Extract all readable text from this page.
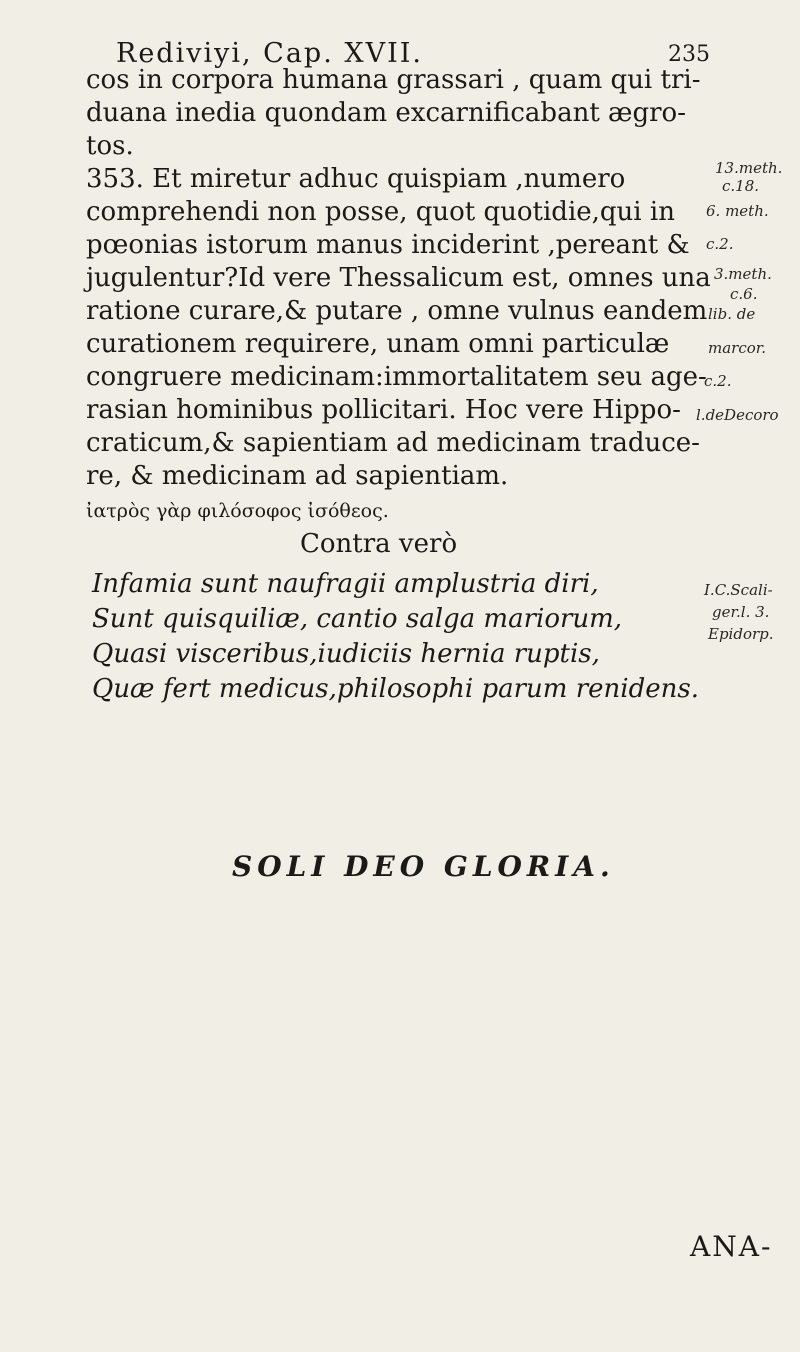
Rediviyi, Cap. XVII.	235
cos in corpora humana grassari , quam qui tri-
duana inedia quondam excarnificabant ægro-
tos.
353. Et miretur adhuc quispiam ,numero
comprehendi non posse, quot quotidie,qui in
pœonias istorum manus inciderint ,pereant &
jugulentur?Id vere Thessalicum est, omnes una
ratione curare,& putare , omne vulnus eandem
curationem requirere, unam omni particulæ
congruere medicinam:immortalitatem seu age-
rasian hominibus pollicitari. Hoc vere Hippo-
craticum,& sapientiam ad medicinam traduce-
re, & medicinam ad sapientiam.
ἰατρὸς γὰρ φιλόσοφος ἰσόθεος.
Contra verò
Infamia sunt naufragii amplustria diri,
Sunt quisquiliæ, cantio salga mariorum,
Quasi visceribus,iudiciis hernia ruptis,
Quæ fert medicus,philosophi parum renidens.
13.meth.
c.18.
6. meth.
c.2.
3.meth.
c.6.
lib. de
marcor.
c.2.
l.deDecoro
I.C.Scali-
ger.l. 3.
Epidorp.
SOLI DEO GLORIA.
ANA-
